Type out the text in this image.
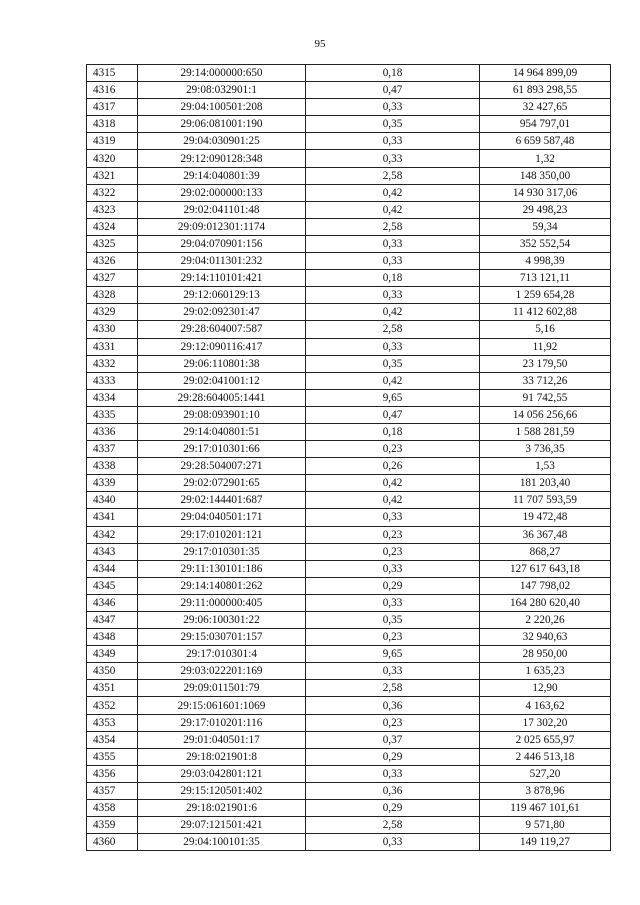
95
4315	29:14:000000:650	0,18	14 964 899,09
4316	29:08:032901:1	0,47	61 893 298,55
4317	29:04:100501:208	0,33	32 427,65
4318	29:06:081001:190	0,35	954 797,01
4319	29:04:030901:25	0,33	6 659 587,48
4320	29:12:090128:348	0,33	1,32
4321	29:14:040801:39	2,58	148 350,00
4322	29:02:000000:133	0,42	14 930 317,06
4323	29:02:041101:48	0,42	29 498,23
4324	29:09:012301:1174	2,58	59,34
4325	29:04:070901:156	0,33	352 552,54
4326	29:04:011301:232	0,33	4 998,39
4327	29:14:110101:421	0,18	713 121,11
4328	29:12:060129:13	0,33	1 259 654,28
4329	29:02:092301:47	0,42	11 412 602,88
4330	29:28:604007:587	2,58	5,16
4331	29:12:090116:417	0,33	11,92
4332	29:06:110801:38	0,35	23 179,50
4333	29:02:041001:12	0,42	33 712,26
4334	29:28:604005:1441	9,65	91 742,55
4335	29:08:093901:10	0,47	14 056 256,66
4336	29:14:040801:51	0,18	1 588 281,59
4337	29:17:010301:66	0,23	3 736,35
4338	29:28:504007:271	0,26	1,53
4339	29:02:072901:65	0,42	181 203,40
4340	29:02:144401:687	0,42	11 707 593,59
4341	29:04:040501:171	0,33	19 472,48
4342	29:17:010201:121	0,23	36 367,48
4343	29:17:010301:35	0,23	868,27
4344	29:11:130101:186	0,33	127 617 643,18
4345	29:14:140801:262	0,29	147 798,02
4346	29:11:000000:405	0,33	164 280 620,40
4347	29:06:100301:22	0,35	2 220,26
4348	29:15:030701:157	0,23	32 940,63
4349	29:17:010301:4	9,65	28 950,00
4350	29:03:022201:169	0,33	1 635,23
4351	29:09:011501:79	2,58	12,90
4352	29:15:061601:1069	0,36	4 163,62
4353	29:17:010201:116	0,23	17 302,20
4354	29:01:040501:17	0,37	2 025 655,97
4355	29:18:021901:8	0,29	2 446 513,18
4356	29:03:042801:121	0,33	527,20
4357	29:15:120501:402	0,36	3 878,96
4358	29:18:021901:6	0,29	119 467 101,61
4359	29:07:121501:421	2,58	9 571,80
4360	29:04:100101:35	0,33	149 119,27
